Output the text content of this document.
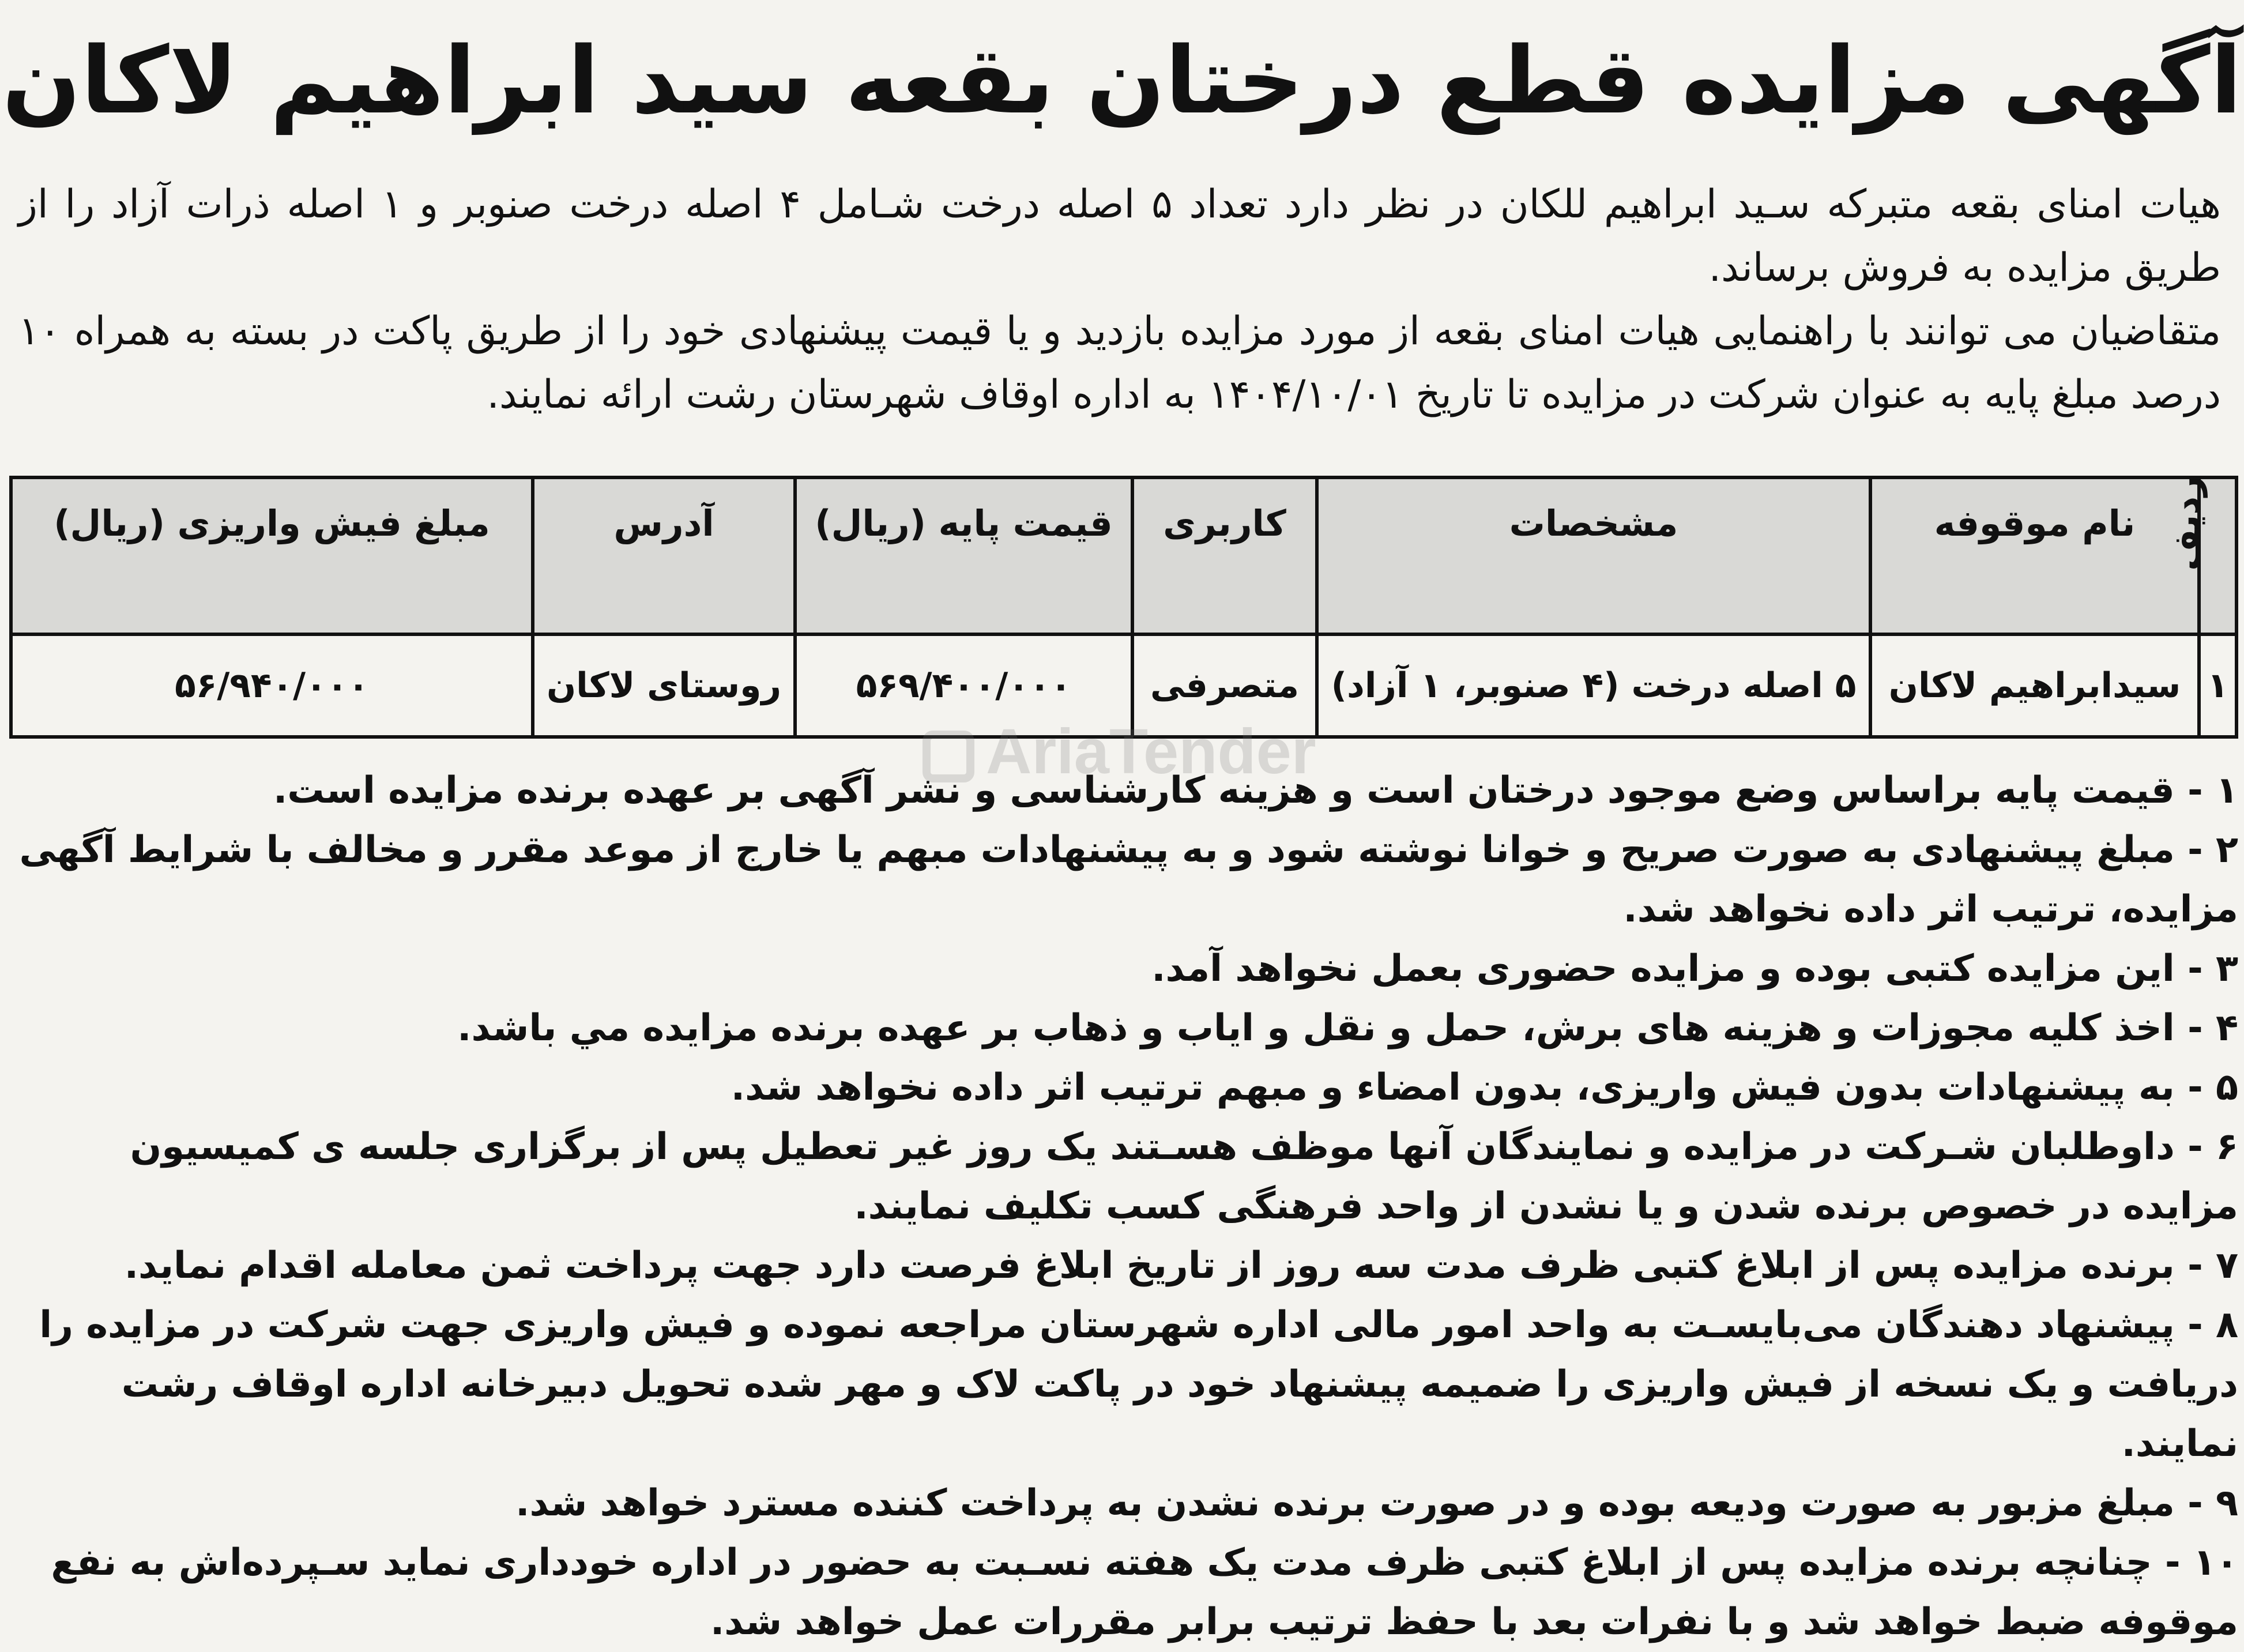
آگهی مزایده قطع درختان بقعه سید ابراهیم لاکان

هیات امنای بقعه متبرکه سـید ابراهیم للکان در نظر دارد تعداد ۵ اصله درخت شـامل ۴ اصله درخت صنوبر و ۱ اصله ذرات آزاد را از طریق مزایده به فروش برساند.

متقاضیان می توانند با راهنمایی هیات امنای بقعه از مورد مزایده بازدید و یا قیمت پیشنهادی خود را از طریق پاکت در بسته به همراه ۱۰ درصد مبلغ پایه به عنوان شرکت در مزایده تا تاریخ ۱۴۰۴/۱۰/۰۱ به اداره اوقاف شهرستان رشت ارائه نمایند.

ردیف	نام موقوفه	مشخصات	کاربری	قیمت پایه (ریال)	آدرس	مبلغ فیش واریزی (ریال)
۱	سیدابراهیم لاکان	۵ اصله درخت (۴ صنوبر، ۱ آزاد)	متصرفی	۵۶۹/۴۰۰/۰۰۰	روستای لاکان	۵۶/۹۴۰/۰۰۰
AriaTender

۱ - قیمت پایه براساس وضع موجود درختان است و هزینه کارشناسی و نشر آگهی بر عهده برنده مزایده است.

۲ - مبلغ پیشنهادی به صورت صریح و خوانا نوشته شود و به پیشنهادات مبهم یا خارج از موعد مقرر و مخالف با شرایط آگهی مزایده، ترتیب اثر داده نخواهد شد.

۳ - این مزایده کتبی بوده و مزایده حضوری بعمل نخواهد آمد.

۴ - اخذ کلیه مجوزات و هزینه های برش، حمل و نقل و ایاب و ذهاب بر عهده برنده مزایده مي باشد.

۵ - به پیشنهادات بدون فیش واریزی، بدون امضاء و مبهم ترتیب اثر داده نخواهد شد.

۶ - داوطلبان شـرکت در مزایده و نمایندگان آنها موظف هسـتند یک روز غیر تعطیل پس از برگزاری جلسه ی کمیسیون مزایده در خصوص برنده شدن و یا نشدن از واحد فرهنگی کسب تکلیف نمایند.

۷ - برنده مزایده پس از ابلاغ کتبی ظرف مدت سه روز از تاریخ ابلاغ فرصت دارد جهت پرداخت ثمن معامله اقدام نماید.

۸ - پیشنهاد دهندگان می‌بایسـت به واحد امور مالی اداره شهرستان مراجعه نموده و فیش واریزی جهت شرکت در مزایده را دریافت و یک نسخه از فیش واریزی را ضمیمه پیشنهاد خود در پاکت لاک و مهر شده تحویل دبیرخانه اداره اوقاف رشت نمایند.

۹ - مبلغ مزبور به صورت ودیعه بوده و در صورت برنده نشدن به پرداخت کننده مسترد خواهد شد.

۱۰ - چنانچه برنده مزایده پس از ابلاغ کتبی ظرف مدت یک هفته نسـبت به حضور در اداره خودداری نماید سـپرده‌اش به نفع موقوفه ضبط خواهد شد و با نفرات بعد با حفظ ترتیب برابر مقررات عمل خواهد شد.
